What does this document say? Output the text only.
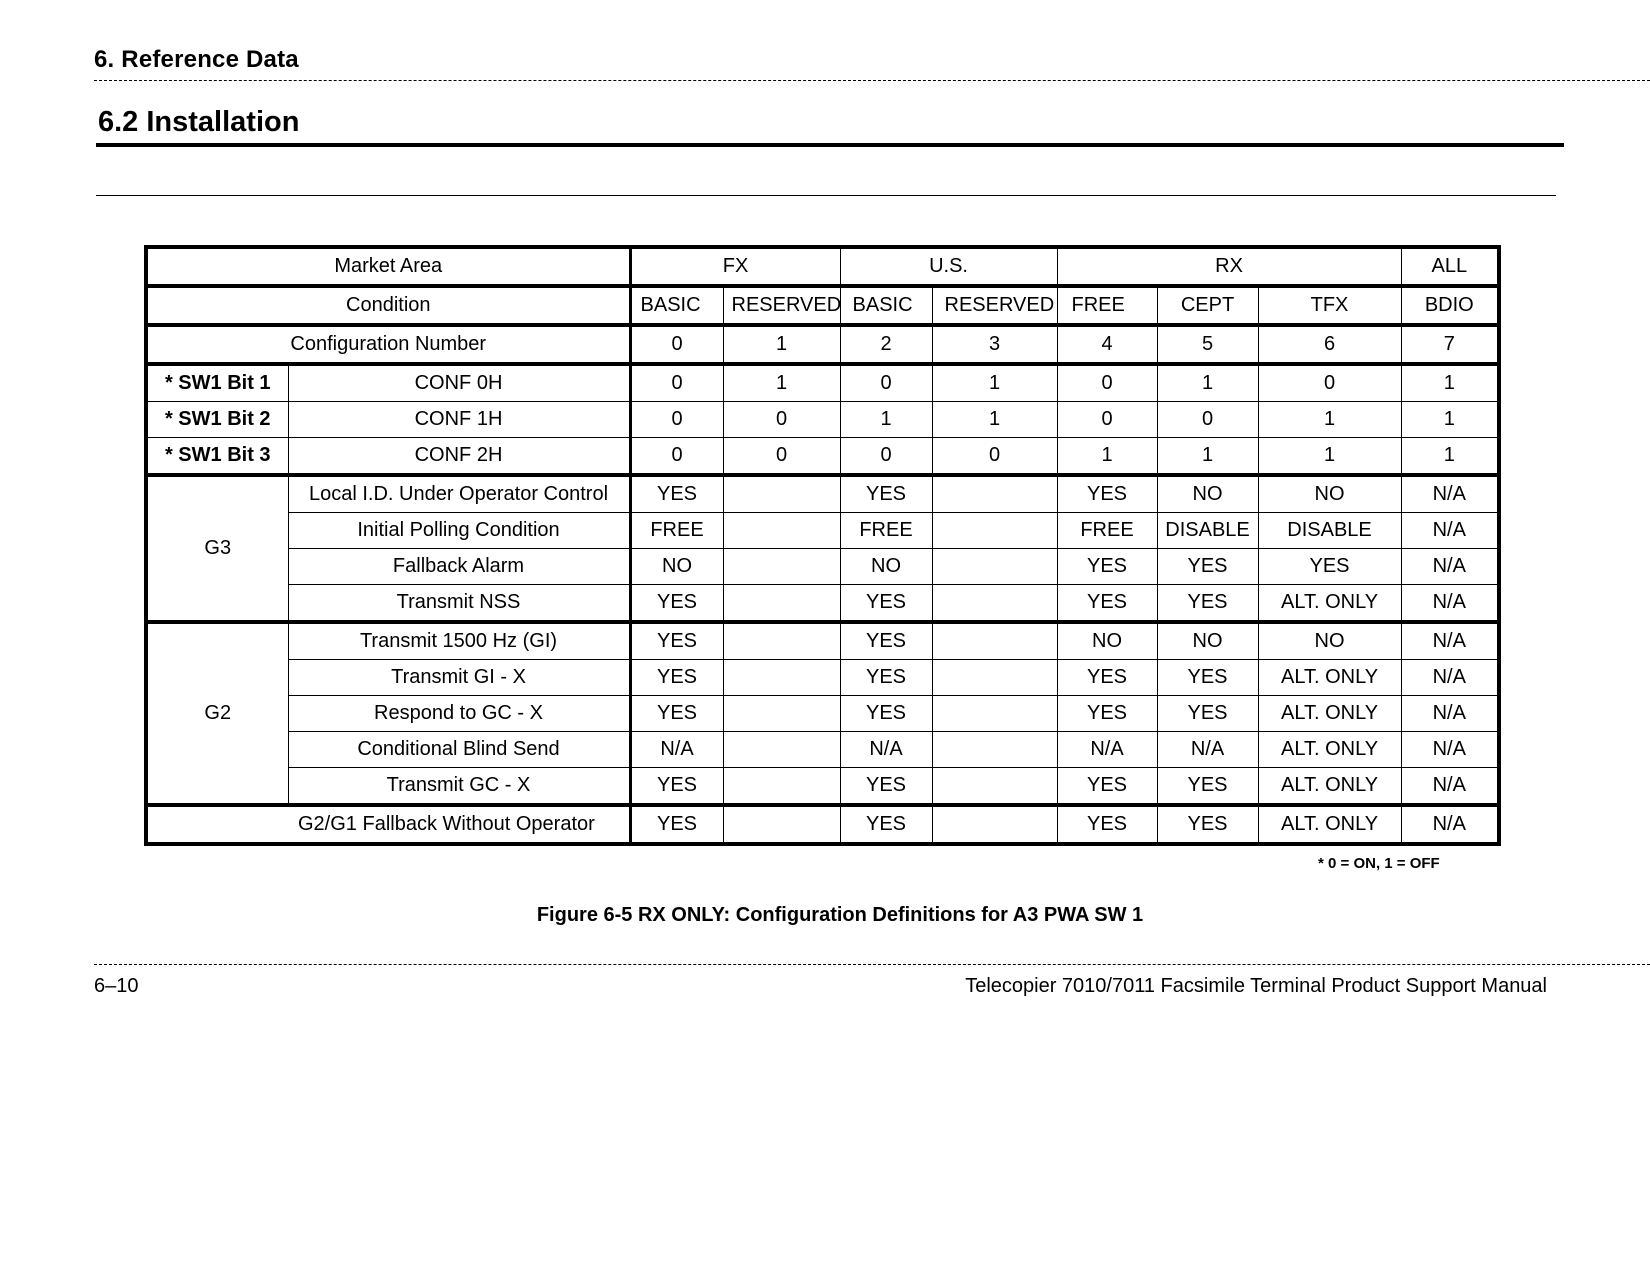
6. Reference Data
6.2 Installation
Market Area		FX		U.S.		RX			ALL
Condition		BASIC	RESERVED	BASIC	RESERVED	FREE	CEPT	TFX	BDIO
Configuration Number		0	1	2	3	4	5	6	7
* SW1 Bit 1	CONF 0H	0	1	0	1	0	1	0	1
* SW1 Bit 2	CONF 1H	0	0	1	1	0	0	1	1
* SW1 Bit 3	CONF 2H	0	0	0	0	1	1	1	1
G3	Local I.D. Under Operator Control	YES		YES		YES	NO	NO	N/A
	Initial Polling Condition	FREE		FREE		FREE	DISABLE	DISABLE	N/A
	Fallback Alarm	NO		NO		YES	YES	YES	N/A
	Transmit NSS	YES		YES		YES	YES	ALT. ONLY	N/A
G2	Transmit 1500 Hz (GI)	YES		YES		NO	NO	NO	N/A
	Transmit GI - X	YES		YES		YES	YES	ALT. ONLY	N/A
	Respond to GC - X	YES		YES		YES	YES	ALT. ONLY	N/A
	Conditional Blind Send	N/A		N/A		N/A	N/A	ALT. ONLY	N/A
	Transmit GC - X	YES		YES		YES	YES	ALT. ONLY	N/A
G2/G1 Fallback Without Operator		YES		YES		YES	YES	ALT. ONLY	N/A
* 0 = ON, 1 = OFF
Figure 6-5 RX ONLY: Configuration Definitions for A3 PWA SW 1
6–10	Telecopier 7010/7011 Facsimile Terminal Product Support Manual
